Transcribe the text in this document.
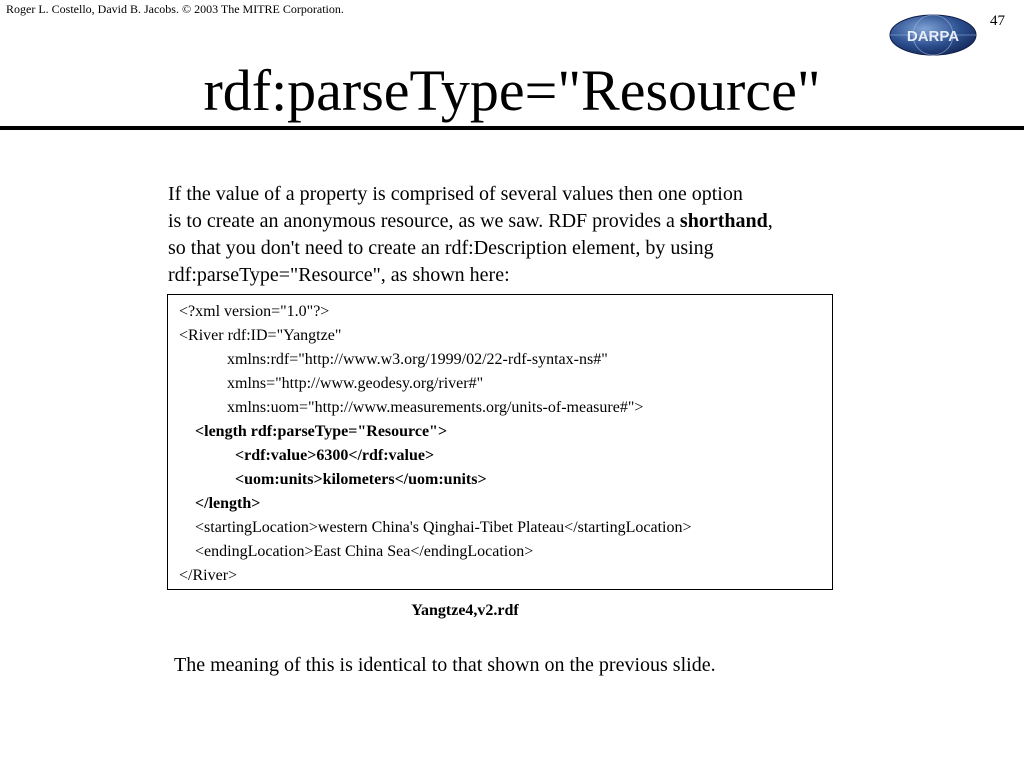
Roger L. Costello, David B. Jacobs. © 2003 The MITRE Corporation.
47
DARPA
rdf:parseType="Resource"

If the value of a property is comprised of several values then one option

is to create an anonymous resource, as we saw. RDF provides a shorthand,

so that you don't need to create an rdf:Description element, by using

rdf:parseType="Resource", as shown here:

<?xml version="1.0"?>
<River rdf:ID="Yangtze"
xmlns:rdf="http://www.w3.org/1999/02/22-rdf-syntax-ns#"
xmlns="http://www.geodesy.org/river#"
xmlns:uom="http://www.measurements.org/units-of-measure#">
<length rdf:parseType="Resource">
<rdf:value>6300</rdf:value>
<uom:units>kilometers</uom:units>
</length>
<startingLocation>western China's Qinghai-Tibet Plateau</startingLocation>
<endingLocation>East China Sea</endingLocation>
</River>
Yangtze4,v2.rdf
The meaning of this is identical to that shown on the previous slide.
